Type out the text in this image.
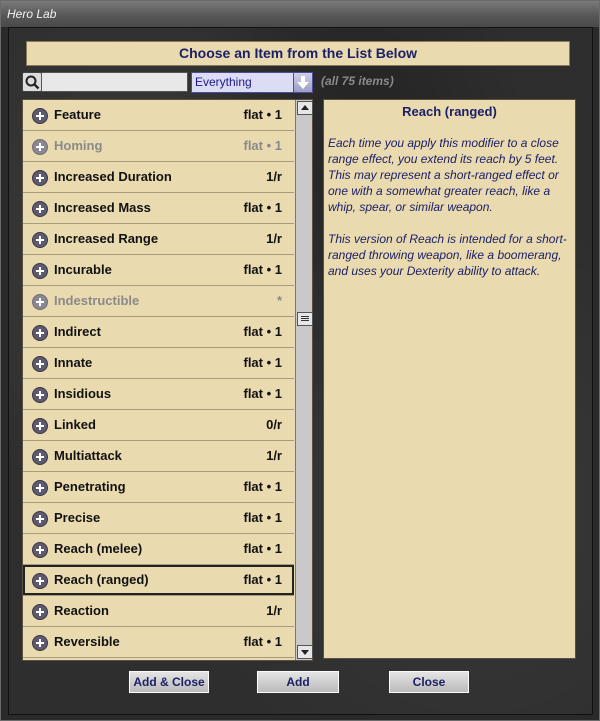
Hero Lab
Choose an Item from the List Below
Everything	(all 75 items)
Feature	flat • 1
Homing	flat • 1
Increased Duration	1/r
Increased Mass	flat • 1
Increased Range	1/r
Incurable	flat • 1
Indestructible	*
Indirect	flat • 1
Innate	flat • 1
Insidious	flat • 1
Linked	0/r
Multiattack	1/r
Penetrating	flat • 1
Precise	flat • 1
Reach (melee)	flat • 1
Reach (ranged)	flat • 1
Reaction	1/r
Reversible	flat • 1
Reach (ranged)

Each time you apply this modifier to a close range effect, you extend its reach by 5 feet. This may represent a short-ranged effect or one with a somewhat greater reach, like a whip, spear, or similar weapon.

This version of Reach is intended for a short-ranged throwing weapon, like a boomerang, and uses your Dexterity ability to attack.

Add & Close	Add	Close
